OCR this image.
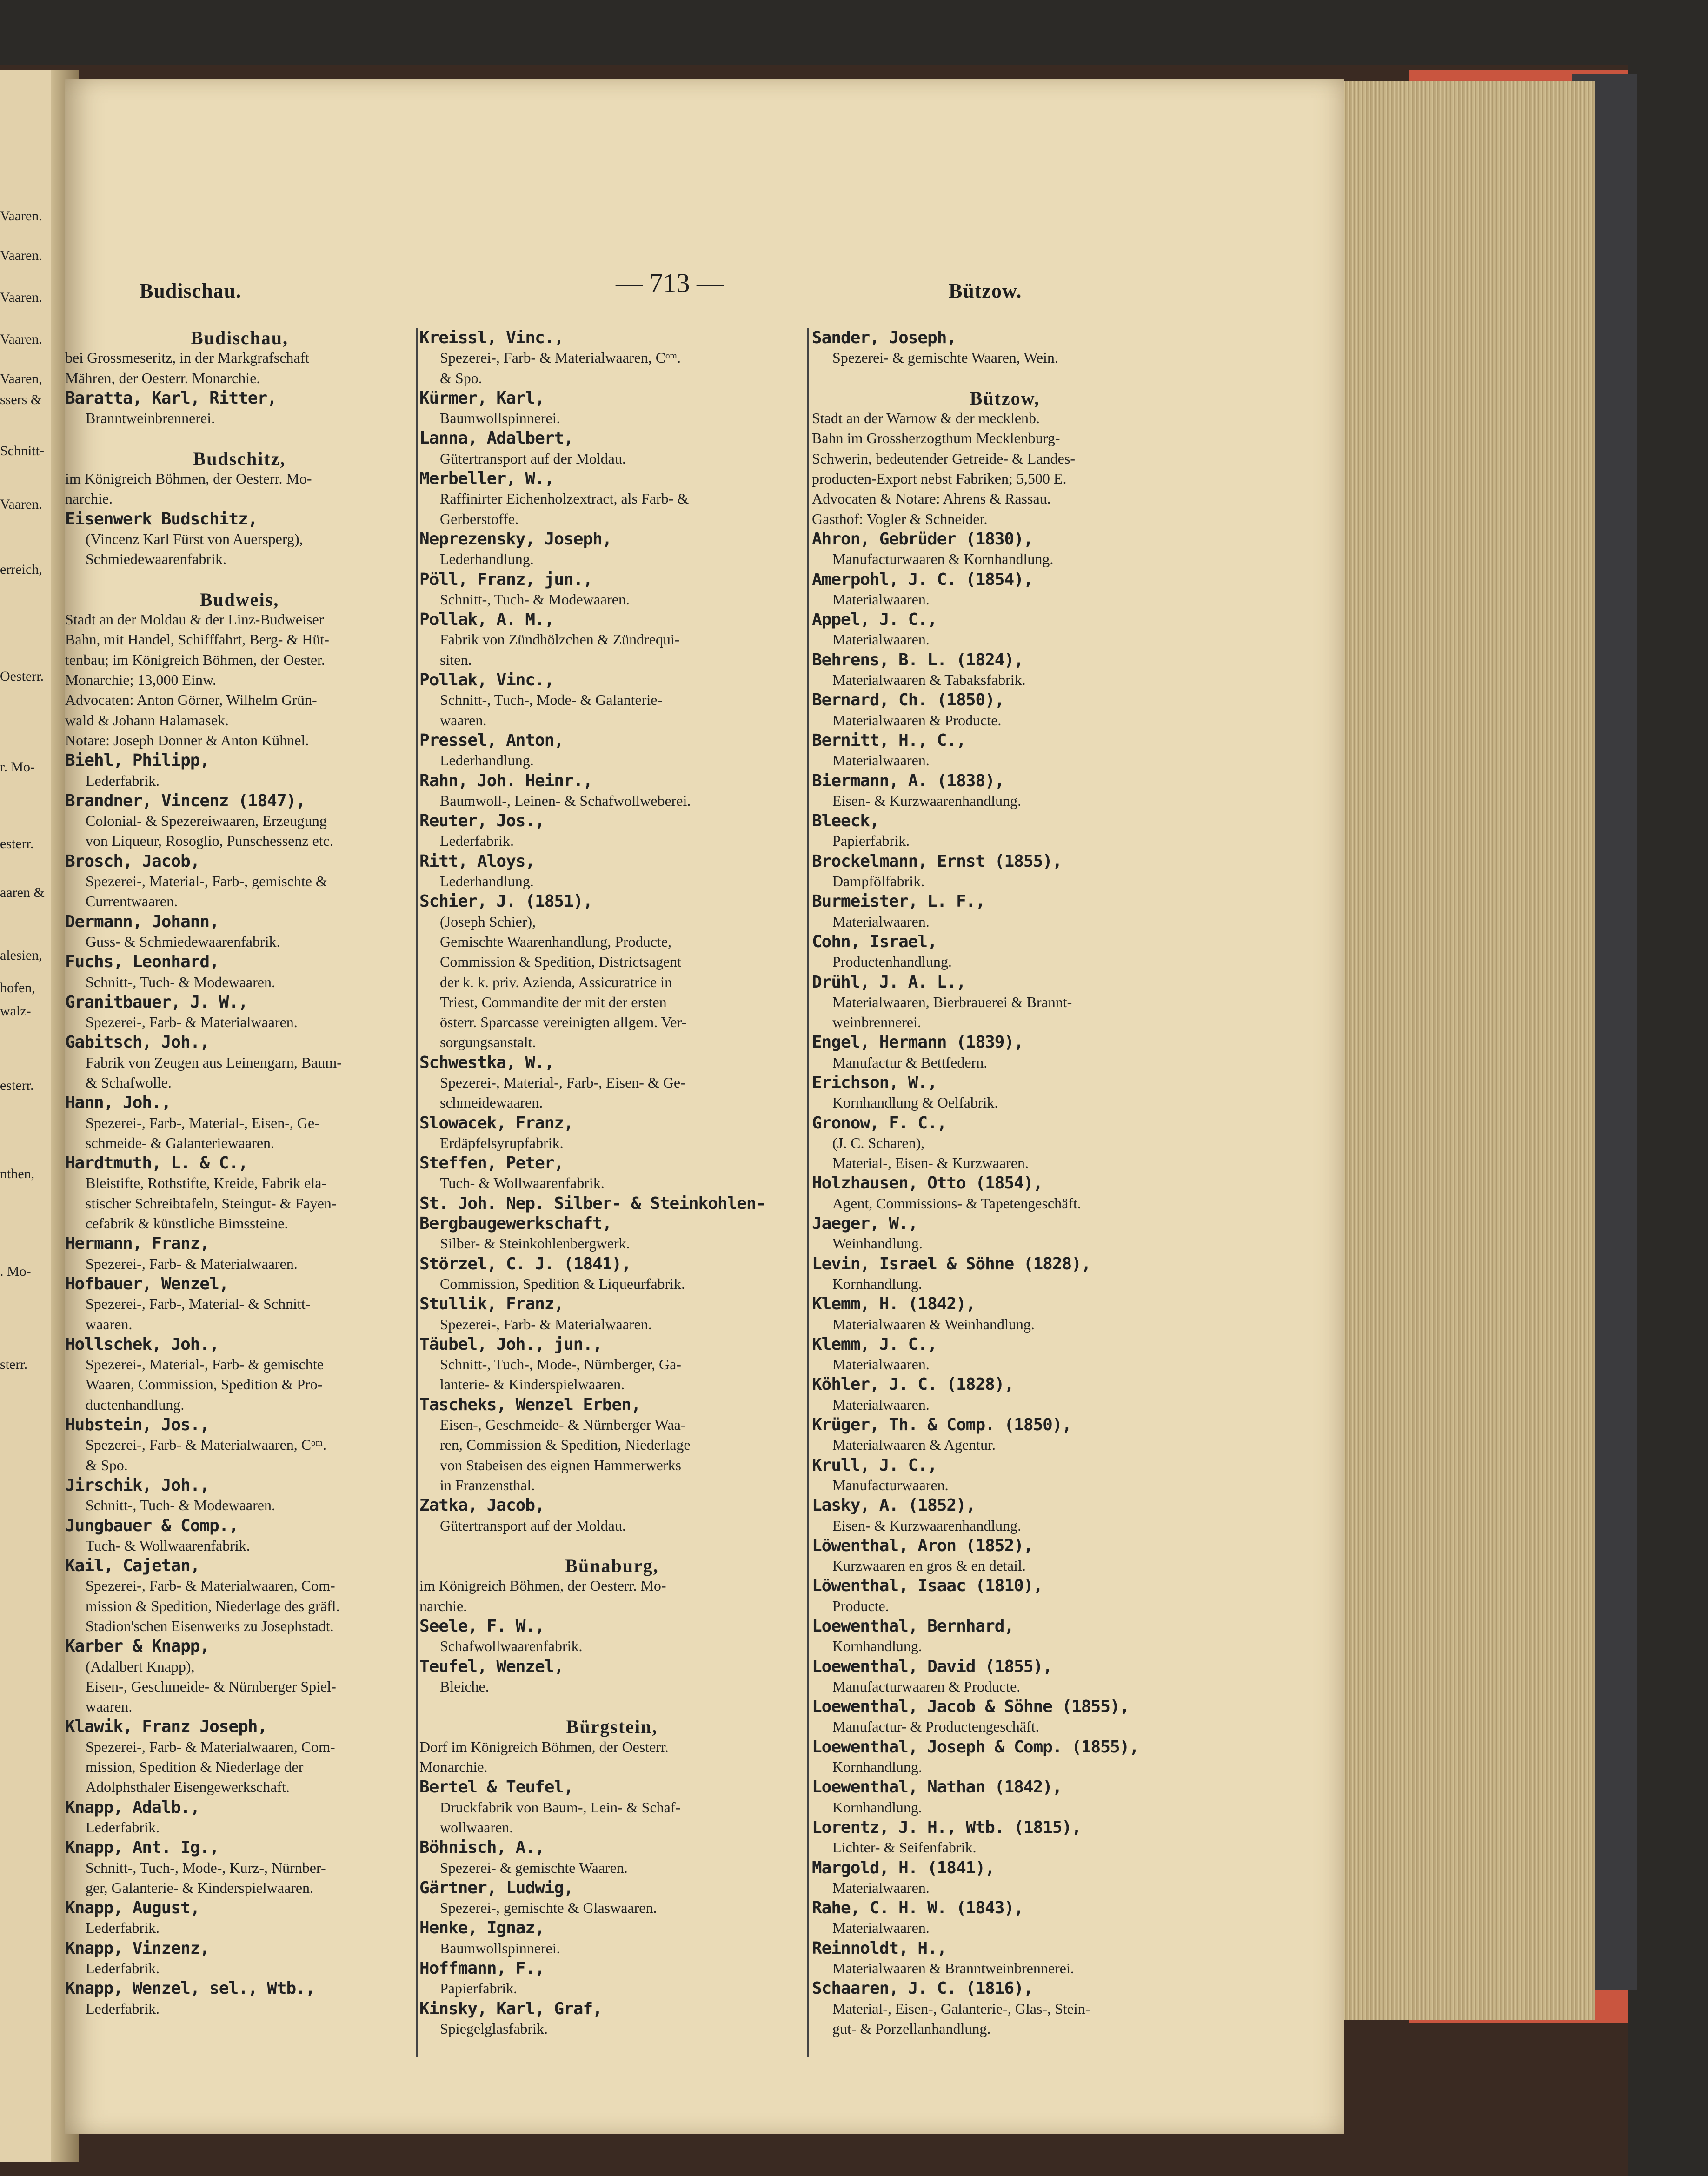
Vaaren.
Vaaren.
Vaaren.
Vaaren.
Vaaren,
ssers &
Schnitt-
Vaaren.
erreich,
Oesterr.
r. Mo-
esterr.
aaren &
alesien,
hofen,
walz-
esterr.
nthen,
. Mo-
sterr.
Budischau.	— 713 —	Bützow.
Budischau,
bei Grossmeseritz, in der Markgrafschaft
Mähren, der Oesterr. Monarchie.
Baratta, Karl, Ritter,
Branntweinbrennerei.
Budschitz,
im Königreich Böhmen, der Oesterr. Mo-
narchie.
Eisenwerk Budschitz,
(Vincenz Karl Fürst von Auersperg),
Schmiedewaarenfabrik.
Budweis,
Stadt an der Moldau & der Linz-Budweiser
Bahn, mit Handel, Schifffahrt, Berg- & Hüt-
tenbau; im Königreich Böhmen, der Oester.
Monarchie; 13,000 Einw.
Advocaten: Anton Görner, Wilhelm Grün-
wald & Johann Halamasek.
Notare: Joseph Donner & Anton Kühnel.
Biehl, Philipp,
Lederfabrik.
Brandner, Vincenz (1847),
Colonial- & Spezereiwaaren, Erzeugung
von Liqueur, Rosoglio, Punschessenz etc.
Brosch, Jacob,
Spezerei-, Material-, Farb-, gemischte &
Currentwaaren.
Dermann, Johann,
Guss- & Schmiedewaarenfabrik.
Fuchs, Leonhard,
Schnitt-, Tuch- & Modewaaren.
Granitbauer, J. W.,
Spezerei-, Farb- & Materialwaaren.
Gabitsch, Joh.,
Fabrik von Zeugen aus Leinengarn, Baum-
& Schafwolle.
Hann, Joh.,
Spezerei-, Farb-, Material-, Eisen-, Ge-
schmeide- & Galanteriewaaren.
Hardtmuth, L. & C.,
Bleistifte, Rothstifte, Kreide, Fabrik ela-
stischer Schreibtafeln, Steingut- & Fayen-
cefabrik & künstliche Bimssteine.
Hermann, Franz,
Spezerei-, Farb- & Materialwaaren.
Hofbauer, Wenzel,
Spezerei-, Farb-, Material- & Schnitt-
waaren.
Hollschek, Joh.,
Spezerei-, Material-, Farb- & gemischte
Waaren, Commission, Spedition & Pro-
ductenhandlung.
Hubstein, Jos.,
Spezerei-, Farb- & Materialwaaren, Cᵒᵐ.
& Spo.
Jirschik, Joh.,
Schnitt-, Tuch- & Modewaaren.
Jungbauer & Comp.,
Tuch- & Wollwaarenfabrik.
Kail, Cajetan,
Spezerei-, Farb- & Materialwaaren, Com-
mission & Spedition, Niederlage des gräfl.
Stadion'schen Eisenwerks zu Josephstadt.
Karber & Knapp,
(Adalbert Knapp),
Eisen-, Geschmeide- & Nürnberger Spiel-
waaren.
Klawik, Franz Joseph,
Spezerei-, Farb- & Materialwaaren, Com-
mission, Spedition & Niederlage der
Adolphsthaler Eisengewerkschaft.
Knapp, Adalb.,
Lederfabrik.
Knapp, Ant. Ig.,
Schnitt-, Tuch-, Mode-, Kurz-, Nürnber-
ger, Galanterie- & Kinderspielwaaren.
Knapp, August,
Lederfabrik.
Knapp, Vinzenz,
Lederfabrik.
Knapp, Wenzel, sel., Wtb.,
Lederfabrik.
Kreissl, Vinc.,
Spezerei-, Farb- & Materialwaaren, Cᵒᵐ.
& Spo.
Kürmer, Karl,
Baumwollspinnerei.
Lanna, Adalbert,
Gütertransport auf der Moldau.
Merbeller, W.,
Raffinirter Eichenholzextract, als Farb- &
Gerberstoffe.
Neprezensky, Joseph,
Lederhandlung.
Pöll, Franz, jun.,
Schnitt-, Tuch- & Modewaaren.
Pollak, A. M.,
Fabrik von Zündhölzchen & Zündrequi-
siten.
Pollak, Vinc.,
Schnitt-, Tuch-, Mode- & Galanterie-
waaren.
Pressel, Anton,
Lederhandlung.
Rahn, Joh. Heinr.,
Baumwoll-, Leinen- & Schafwollweberei.
Reuter, Jos.,
Lederfabrik.
Ritt, Aloys,
Lederhandlung.
Schier, J. (1851),
(Joseph Schier),
Gemischte Waarenhandlung, Producte,
Commission & Spedition, Districtsagent
der k. k. priv. Azienda, Assicuratrice in
Triest, Commandite der mit der ersten
österr. Sparcasse vereinigten allgem. Ver-
sorgungsanstalt.
Schwestka, W.,
Spezerei-, Material-, Farb-, Eisen- & Ge-
schmeidewaaren.
Slowacek, Franz,
Erdäpfelsyrupfabrik.
Steffen, Peter,
Tuch- & Wollwaarenfabrik.
St. Joh. Nep. Silber- & Steinkohlen-
Bergbaugewerkschaft,
Silber- & Steinkohlenbergwerk.
Störzel, C. J. (1841),
Commission, Spedition & Liqueurfabrik.
Stullik, Franz,
Spezerei-, Farb- & Materialwaaren.
Täubel, Joh., jun.,
Schnitt-, Tuch-, Mode-, Nürnberger, Ga-
lanterie- & Kinderspielwaaren.
Tascheks, Wenzel Erben,
Eisen-, Geschmeide- & Nürnberger Waa-
ren, Commission & Spedition, Niederlage
von Stabeisen des eignen Hammerwerks
in Franzensthal.
Zatka, Jacob,
Gütertransport auf der Moldau.
Bünaburg,
im Königreich Böhmen, der Oesterr. Mo-
narchie.
Seele, F. W.,
Schafwollwaarenfabrik.
Teufel, Wenzel,
Bleiche.
Bürgstein,
Dorf im Königreich Böhmen, der Oesterr.
Monarchie.
Bertel & Teufel,
Druckfabrik von Baum-, Lein- & Schaf-
wollwaaren.
Böhnisch, A.,
Spezerei- & gemischte Waaren.
Gärtner, Ludwig,
Spezerei-, gemischte & Glaswaaren.
Henke, Ignaz,
Baumwollspinnerei.
Hoffmann, F.,
Papierfabrik.
Kinsky, Karl, Graf,
Spiegelglasfabrik.
Sander, Joseph,
Spezerei- & gemischte Waaren, Wein.
Bützow,
Stadt an der Warnow & der mecklenb.
Bahn im Grossherzogthum Mecklenburg-
Schwerin, bedeutender Getreide- & Landes-
producten-Export nebst Fabriken; 5,500 E.
Advocaten & Notare: Ahrens & Rassau.
Gasthof: Vogler & Schneider.
Ahron, Gebrüder (1830),
Manufacturwaaren & Kornhandlung.
Amerpohl, J. C. (1854),
Materialwaaren.
Appel, J. C.,
Materialwaaren.
Behrens, B. L. (1824),
Materialwaaren & Tabaksfabrik.
Bernard, Ch. (1850),
Materialwaaren & Producte.
Bernitt, H., C.,
Materialwaaren.
Biermann, A. (1838),
Eisen- & Kurzwaarenhandlung.
Bleeck,
Papierfabrik.
Brockelmann, Ernst (1855),
Dampfölfabrik.
Burmeister, L. F.,
Materialwaaren.
Cohn, Israel,
Productenhandlung.
Drühl, J. A. L.,
Materialwaaren, Bierbrauerei & Brannt-
weinbrennerei.
Engel, Hermann (1839),
Manufactur & Bettfedern.
Erichson, W.,
Kornhandlung & Oelfabrik.
Gronow, F. C.,
(J. C. Scharen),
Material-, Eisen- & Kurzwaaren.
Holzhausen, Otto (1854),
Agent, Commissions- & Tapetengeschäft.
Jaeger, W.,
Weinhandlung.
Levin, Israel & Söhne (1828),
Kornhandlung.
Klemm, H. (1842),
Materialwaaren & Weinhandlung.
Klemm, J. C.,
Materialwaaren.
Köhler, J. C. (1828),
Materialwaaren.
Krüger, Th. & Comp. (1850),
Materialwaaren & Agentur.
Krull, J. C.,
Manufacturwaaren.
Lasky, A. (1852),
Eisen- & Kurzwaarenhandlung.
Löwenthal, Aron (1852),
Kurzwaaren en gros & en detail.
Löwenthal, Isaac (1810),
Producte.
Loewenthal, Bernhard,
Kornhandlung.
Loewenthal, David (1855),
Manufacturwaaren & Producte.
Loewenthal, Jacob & Söhne (1855),
Manufactur- & Productengeschäft.
Loewenthal, Joseph & Comp. (1855),
Kornhandlung.
Loewenthal, Nathan (1842),
Kornhandlung.
Lorentz, J. H., Wtb. (1815),
Lichter- & Seifenfabrik.
Margold, H. (1841),
Materialwaaren.
Rahe, C. H. W. (1843),
Materialwaaren.
Reinnoldt, H.,
Materialwaaren & Branntweinbrennerei.
Schaaren, J. C. (1816),
Material-, Eisen-, Galanterie-, Glas-, Stein-
gut- & Porzellanhandlung.
